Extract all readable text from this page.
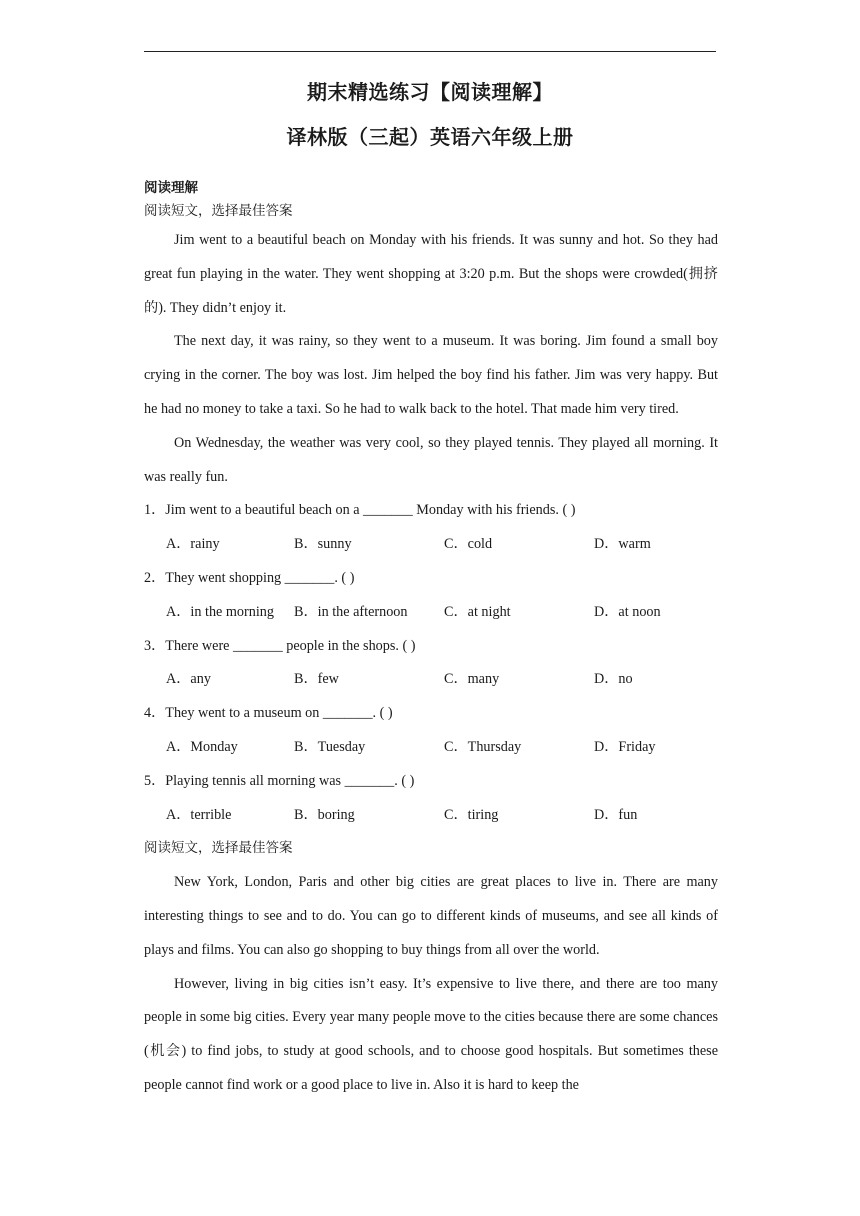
期末精选练习【阅读理解】
译林版（三起）英语六年级上册
阅读理解
阅读短文，选择最佳答案

Jim went to a beautiful beach on Monday with his friends. It was sunny and hot. So they had great fun playing in the water. They went shopping at 3:20 p.m. But the shops were crowded(拥挤的). They didn’t enjoy it.

The next day, it was rainy, so they went to a museum. It was boring. Jim found a small boy crying in the corner. The boy was lost. Jim helped the boy find his father. Jim was very happy. But he had no money to take a taxi. So he had to walk back to the hotel. That made him very tired.

On Wednesday, the weather was very cool, so they played tennis. They played all morning. It was really fun.

1．Jim went to a beautiful beach on a _______ Monday with his friends. ( )

A．rainy	B．sunny	C．cold	D．warm

2．They went shopping _______. ( )

A．in the morning	B．in the afternoon	C．at night	D．at noon

3．There were _______ people in the shops. ( )

A．any	B．few	C．many	D．no

4．They went to a museum on _______. ( )

A．Monday	B．Tuesday	C．Thursday	D．Friday

5．Playing tennis all morning was _______. ( )

A．terrible	B．boring	C．tiring	D．fun
阅读短文，选择最佳答案

New York, London, Paris and other big cities are great places to live in. There are many interesting things to see and to do. You can go to different kinds of museums, and see all kinds of plays and films. You can also go shopping to buy things from all over the world.

However, living in big cities isn’t easy. It’s expensive to live there, and there are too many people in some big cities. Every year many people move to the cities because there are some chances (机会) to find jobs, to study at good schools, and to choose good hospitals. But sometimes these people cannot find work or a good place to live in. Also it is hard to keep the
